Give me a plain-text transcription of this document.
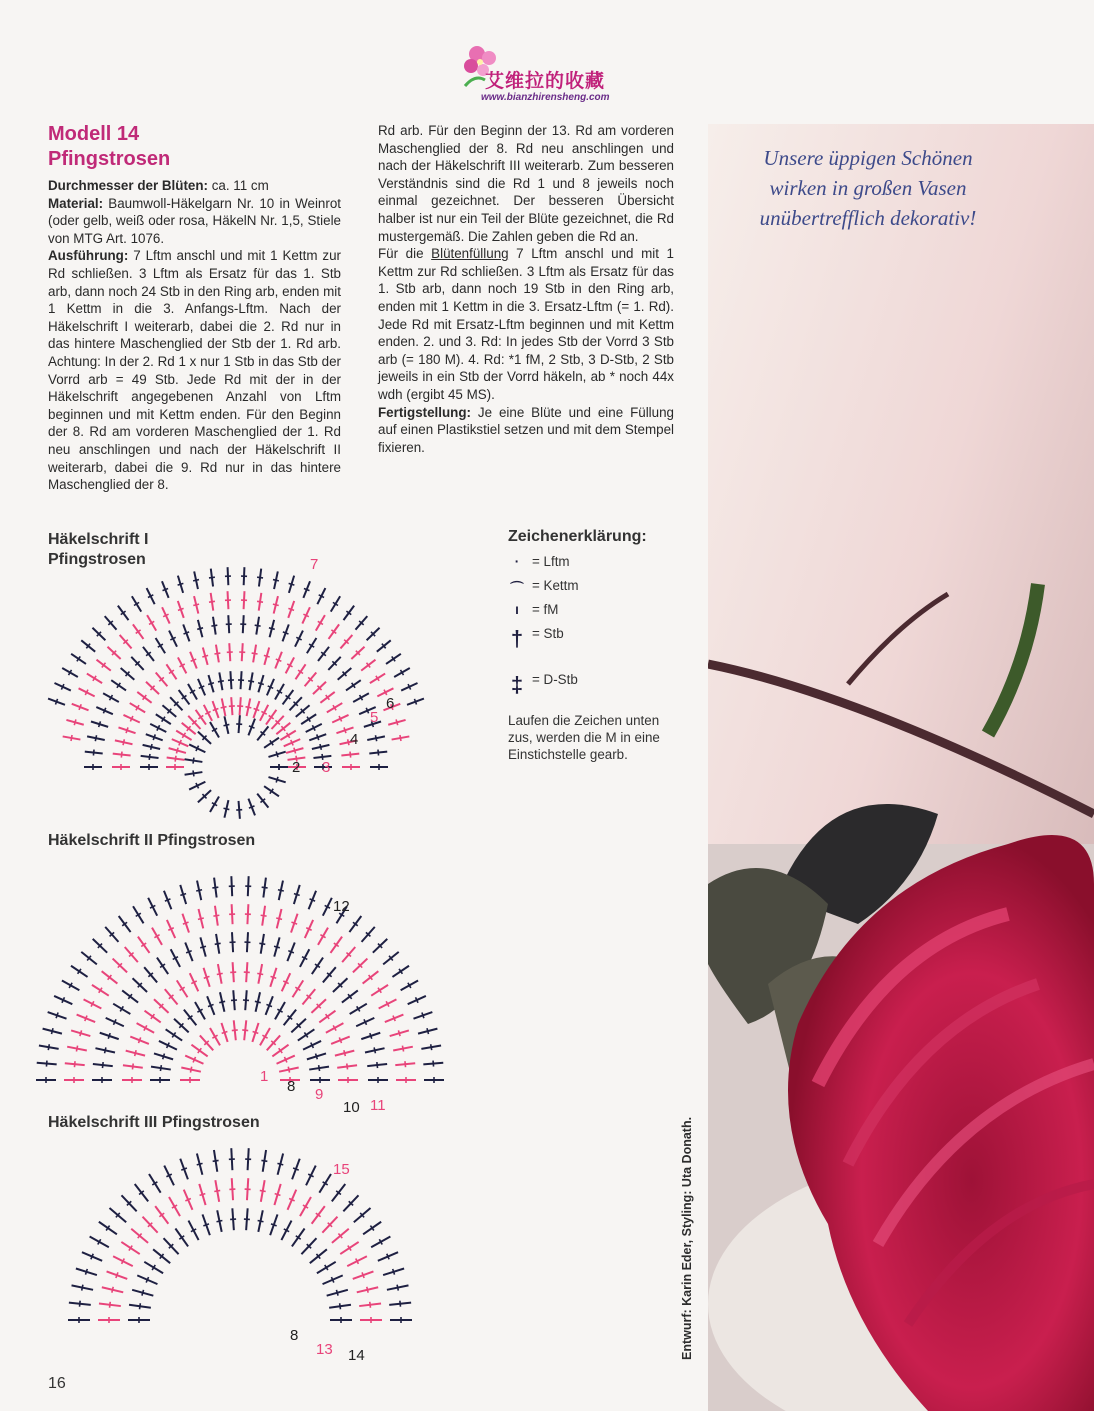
艾维拉的收藏
www.bianzhirensheng.com
Modell 14
Pfingstrosen

Durchmesser der Blüten: ca. 11 cm

Material: Baumwoll-Häkelgarn Nr. 10 in Weinrot (oder gelb, weiß oder rosa, HäkelN Nr. 1,5, Stiele von MTG Art. 1076.

Ausführung: 7 Lftm anschl und mit 1 Kettm zur Rd schließen. 3 Lftm als Ersatz für das 1. Stb arb, dann noch 24 Stb in den Ring arb, enden mit 1 Kettm in die 3. Anfangs-Lftm. Nach der Häkelschrift I weiterarb, dabei die 2. Rd nur in das hintere Maschenglied der Stb der 1. Rd arb. Achtung: In der 2. Rd 1 x nur 1 Stb in das Stb der Vorrd arb = 49 Stb. Jede Rd mit der in der Häkelschrift angegebenen Anzahl von Lftm beginnen und mit Kettm enden. Für den Beginn der 8. Rd am vorderen Maschenglied der 1. Rd neu anschlingen und nach der Häkelschrift II weiterarb, dabei die 9. Rd nur in das hintere Maschenglied der 8.

Rd arb. Für den Beginn der 13. Rd am vorderen Maschenglied der 8. Rd neu anschlingen und nach der Häkelschrift III weiterarb. Zum besseren Verständnis sind die Rd 1 und 8 jeweils noch einmal gezeichnet. Der besseren Übersicht halber ist nur ein Teil der Blüte gezeichnet, die Rd mustergemäß. Die Zahlen geben die Rd an.

Für die Blütenfüllung 7 Lftm anschl und mit 1 Kettm zur Rd schließen. 3 Lftm als Ersatz für das 1. Stb arb, dann noch 19 Stb in den Ring arb, enden mit 1 Kettm in die 3. Ersatz-Lftm (= 1. Rd). Jede Rd mit Ersatz-Lftm beginnen und mit Kettm enden. 2. und 3. Rd: In jedes Stb der Vorrd 3 Stb arb (= 180 M). 4. Rd: *1 fM, 2 Stb, 3 D-Stb, 2 Stb jeweils in ein Stb der Vorrd häkeln, ab * noch 44x wdh (ergibt 45 MS).

Fertigstellung: Je eine Blüte und eine Füllung auf einen Plastikstiel setzen und mit dem Stempel fixieren.

Häkelschrift I
Pfingstrosen
Häkelschrift II Pfingstrosen
Häkelschrift III Pfingstrosen
7
6
5
4
2 3
12
1
8 9
10 11
15
8
13 14
Zeichenerklärung:
· = Lftm
⌒ = Kettm
ı = fM
† = Stb
‡ = D-Stb
Laufen die Zeichen unten zus, werden die M in eine Einstichstelle gearb.
Unsere üppigen Schönen
wirken in großen Vasen
unübertrefflich dekorativ!
Entwurf: Karin Eder, Styling: Uta Donath.
16
